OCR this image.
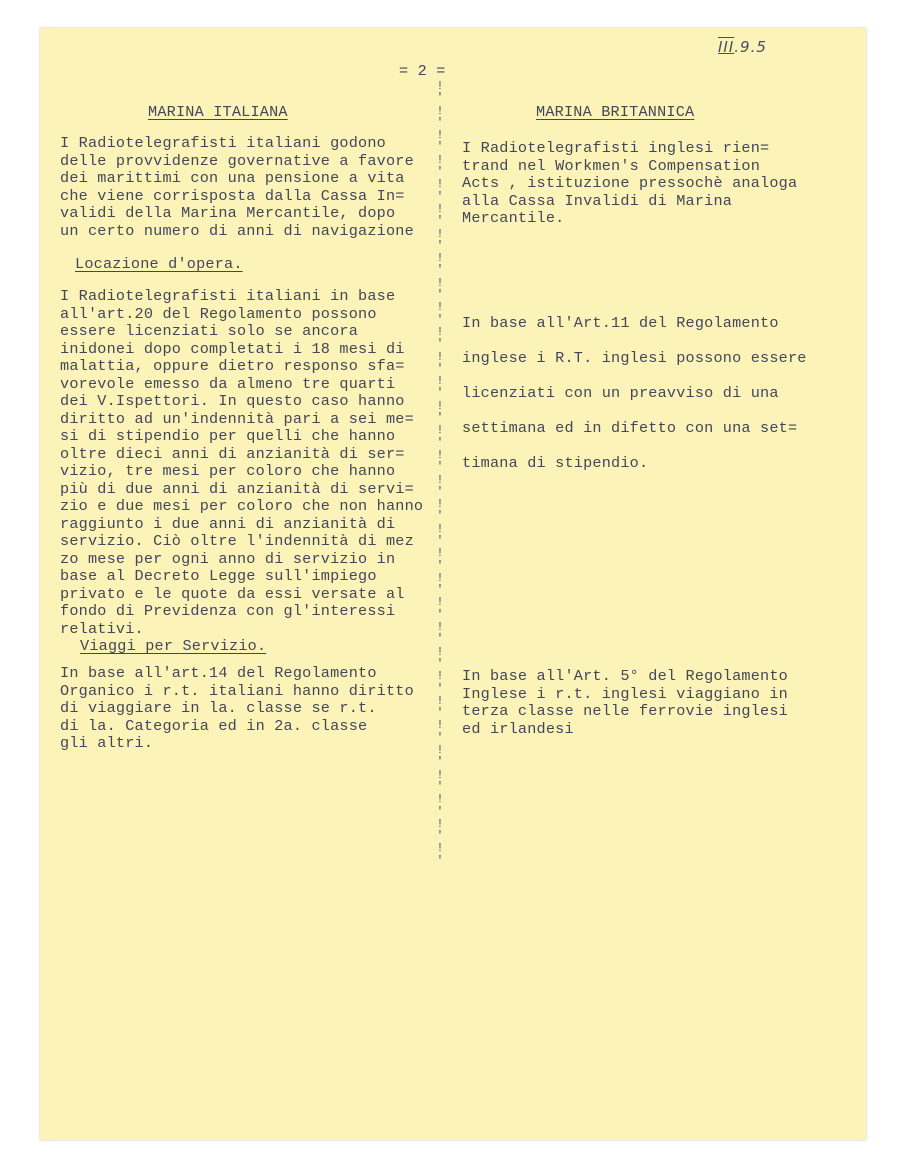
= 2 =
III.9.5
!
'
!
'
!
'
!
'
!
'
!
'
!
'
!
'
!
'
!
'
!
'
!
'
!
'
!
'
!
'
!
'
!
'
!
'
!
'
!
'
!
'
!
'
!
'
!
'
!
'
!
'
!
'
!
'
!
'
!
'
!
'
!
'
MARINA ITALIANA
I Radiotelegrafisti italiani godono
delle provvidenze governative a favore
dei marittimi con una pensione a vita
che viene corrisposta dalla Cassa In=
validi della Marina Mercantile, dopo
un certo numero di anni di navigazione
Locazione d'opera.
I Radiotelegrafisti italiani in base
all'art.20 del Regolamento possono
essere licenziati solo se ancora
inidonei dopo completati i 18 mesi di
malattia, oppure dietro responso sfa=
vorevole emesso da almeno tre quarti
dei V.Ispettori. In questo caso hanno
diritto ad un'indennità pari a sei me=
si di stipendio per quelli che hanno
oltre dieci anni di anzianità di ser=
vizio, tre mesi per coloro che hanno
più di due anni di anzianità di servi=
zio e due mesi per coloro che non hanno
raggiunto i due anni di anzianità di
servizio. Ciò oltre l'indennità di mez
zo mese per ogni anno di servizio in
base al Decreto Legge sull'impiego
privato e le quote da essi versate al
fondo di Previdenza con gl'interessi
relativi.
Viaggi per Servizio.
In base all'art.14 del Regolamento
Organico i r.t. italiani hanno diritto
di viaggiare in la. classe se r.t.
di la. Categoria ed in 2a. classe
gli altri.
MARINA BRITANNICA
I Radiotelegrafisti inglesi rien=
trand nel Workmen's Compensation
Acts , istituzione pressochè analoga
alla Cassa Invalidi di Marina
Mercantile.
In base all'Art.11 del Regolamento
inglese i R.T. inglesi possono essere
licenziati con un preavviso di una
settimana ed in difetto con una set=
timana di stipendio.
In base all'Art. 5° del Regolamento
Inglese i r.t. inglesi viaggiano in
terza classe nelle ferrovie inglesi
ed irlandesi
